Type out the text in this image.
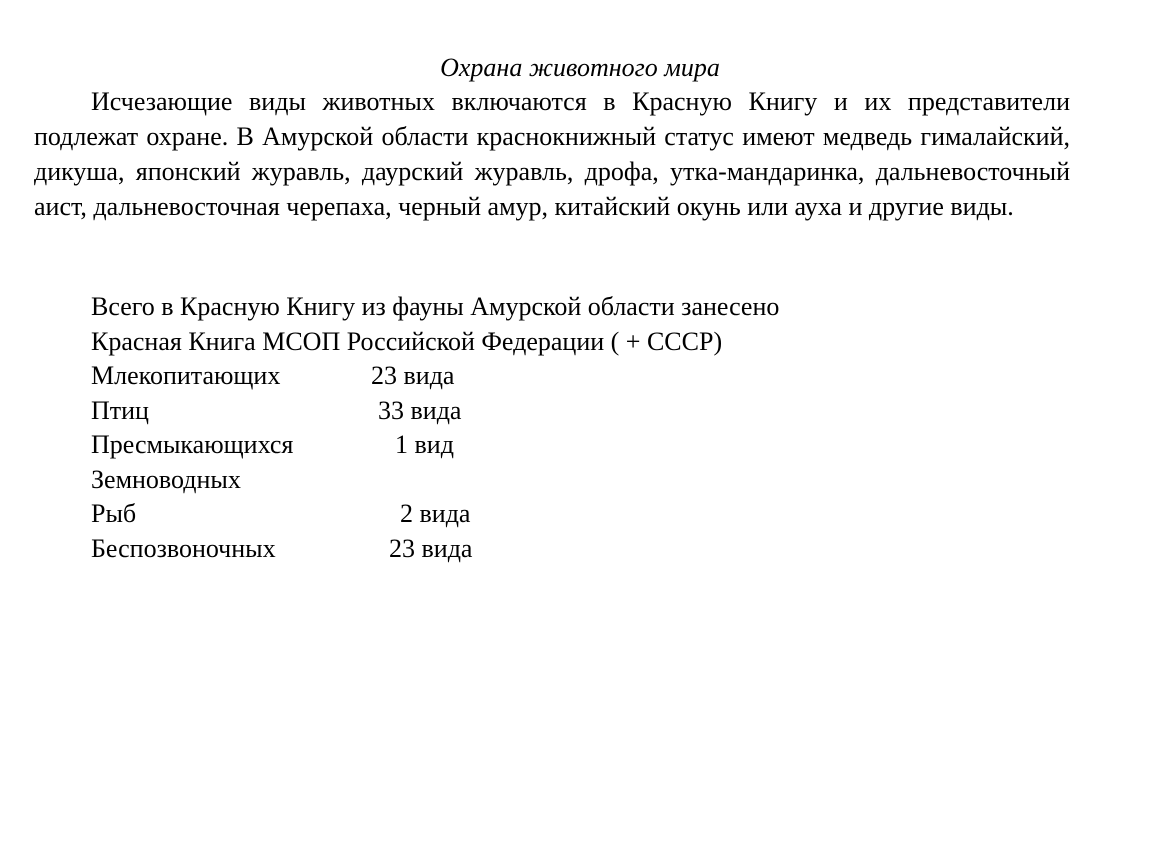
Охрана животного мира
Исчезающие виды животных включаются в Красную Книгу и их представители подлежат охране. В Амурской области краснокнижный статус имеют медведь гималайский, дикуша, японский журавль, даурский журавль, дрофа, утка-мандаринка, дальневосточный аист, дальневосточная черепаха, черный амур, китайский окунь или ауха и другие виды.
Всего в Красную Книгу из фауны Амурской области занесено
Красная Книга МСОП Российской Федерации ( + СССР)
Млекопитающих	23 вида
Птиц	33 вида
Пресмыкающихся	1 вид
Земноводных
Рыб	2 вида
Беспозвоночных	23 вида
